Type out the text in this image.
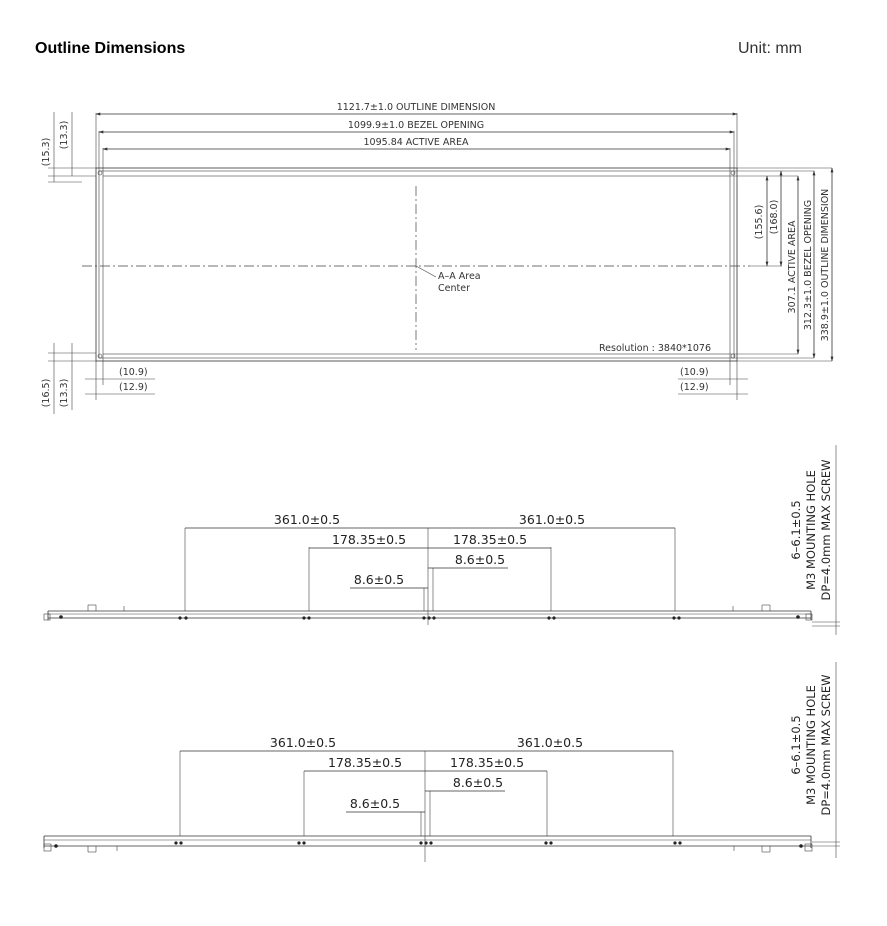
Outline Dimensions	Unit: mm
A–A Area
Center
Resolution : 3840*1076
1121.7±1.0 OUTLINE DIMENSION
1099.9±1.0 BEZEL OPENING
1095.84 ACTIVE AREA
(15.3)
(13.3)
(16.5) (13.3)
(10.9)
(12.9)
(10.9)
(12.9)
(155.6) (168.0)
307.1 ACTIVE AREA 312.3±1.0 BEZEL OPENING 338.9±1.0 OUTLINE DIMENSION
361.0±0.5	361.0±0.5
178.35±0.5	178.35±0.5
8.6±0.5
8.6±0.5
6–6.1±0.5 M3 MOUNTING HOLE DP=4.0mm MAX SCREW
361.0±0.5	361.0±0.5
178.35±0.5	178.35±0.5
8.6±0.5
8.6±0.5
6–6.1±0.5 M3 MOUNTING HOLE DP=4.0mm MAX SCREW
